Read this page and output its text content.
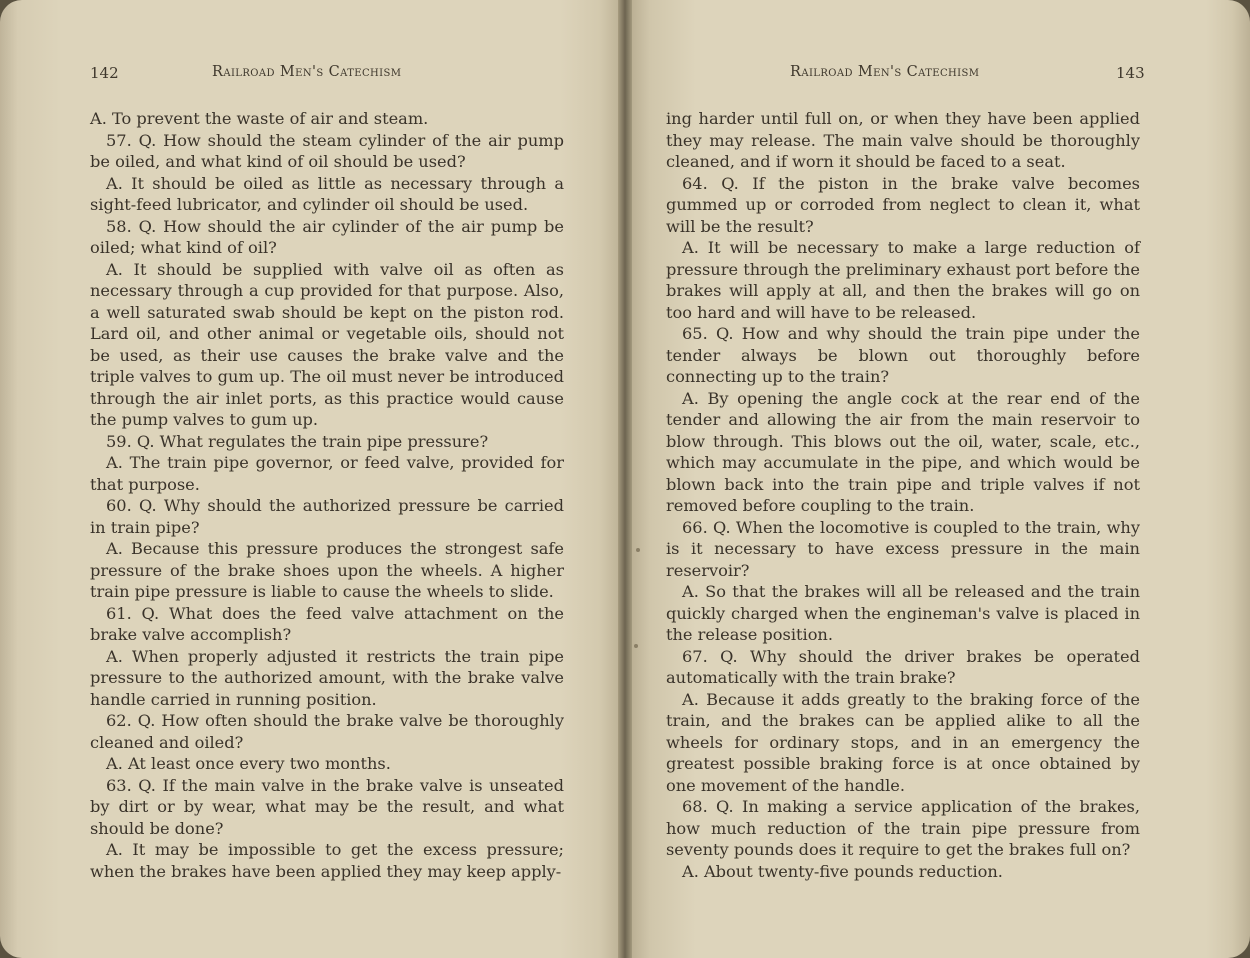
142	Railroad Men's Catechism

A. To prevent the waste of air and steam.

57. Q. How should the steam cylinder of the air pump be oiled, and what kind of oil should be used?

A. It should be oiled as little as necessary through a sight-feed lubricator, and cylinder oil should be used.

58. Q. How should the air cylinder of the air pump be oiled; what kind of oil?

A. It should be supplied with valve oil as often as necessary through a cup provided for that purpose. Also, a well saturated swab should be kept on the piston rod. Lard oil, and other animal or vegetable oils, should not be used, as their use causes the brake valve and the triple valves to gum up. The oil must never be introduced through the air inlet ports, as this practice would cause the pump valves to gum up.

59. Q. What regulates the train pipe pressure?

A. The train pipe governor, or feed valve, provided for that purpose.

60. Q. Why should the authorized pressure be carried in train pipe?

A. Because this pressure produces the strongest safe pressure of the brake shoes upon the wheels. A higher train pipe pressure is liable to cause the wheels to slide.

61. Q. What does the feed valve attachment on the brake valve accomplish?

A. When properly adjusted it restricts the train pipe pressure to the authorized amount, with the brake valve handle carried in running position.

62. Q. How often should the brake valve be thoroughly cleaned and oiled?

A. At least once every two months.

63. Q. If the main valve in the brake valve is unseated by dirt or by wear, what may be the result, and what should be done?

A. It may be impossible to get the excess pressure; when the brakes have been applied they may keep apply-

Railroad Men's Catechism	143

ing harder until full on, or when they have been applied they may release. The main valve should be thoroughly cleaned, and if worn it should be faced to a seat.

64. Q. If the piston in the brake valve becomes gummed up or corroded from neglect to clean it, what will be the result?

A. It will be necessary to make a large reduction of pressure through the preliminary exhaust port before the brakes will apply at all, and then the brakes will go on too hard and will have to be released.

65. Q. How and why should the train pipe under the tender always be blown out thoroughly before connecting up to the train?

A. By opening the angle cock at the rear end of the tender and allowing the air from the main reservoir to blow through. This blows out the oil, water, scale, etc., which may accumulate in the pipe, and which would be blown back into the train pipe and triple valves if not removed before coupling to the train.

66. Q. When the locomotive is coupled to the train, why is it necessary to have excess pressure in the main reservoir?

A. So that the brakes will all be released and the train quickly charged when the engineman's valve is placed in the release position.

67. Q. Why should the driver brakes be operated automatically with the train brake?

A. Because it adds greatly to the braking force of the train, and the brakes can be applied alike to all the wheels for ordinary stops, and in an emergency the greatest possible braking force is at once obtained by one movement of the handle.

68. Q. In making a service application of the brakes, how much reduction of the train pipe pressure from seventy pounds does it require to get the brakes full on?

A. About twenty-five pounds reduction.
